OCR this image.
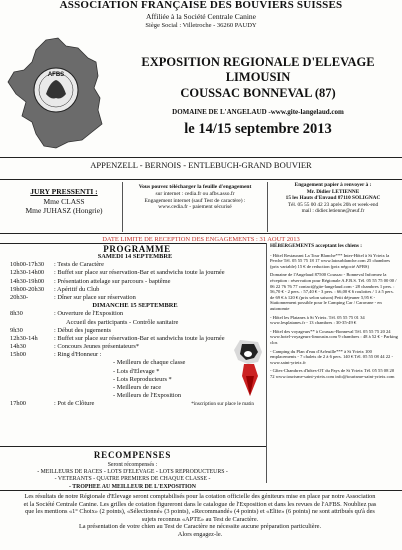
ASSOCIATION FRANÇAISE DES BOUVIERS SUISSES
Affiliée à la Société Centrale Canine
Siège Social : Villetroche - 36260 PAUDY
AFBS
EXPOSITION REGIONALE D'ELEVAGE
LIMOUSIN
COUSSAC BONNEVAL (87)
DOMAINE DE L'ANGELAUD -www.gite-langelaud.com
le 14/15 septembre 2013
APPENZELL - BERNOIS - ENTLEBUCH-GRAND BOUVIER
JURY PRESSENTI :
Mme CLASS
Mme JUHASZ (Hongrie)
Vous pouvez télécharger la feuille d'engagement
sur internet : cedia.fr ou afbs.asso.fr
Engagement internet (sauf Test de caractère) :
www.cedia.fr - paiement sécurisé
Engagement papier à renvoyer à :
Mr. Didier LETIENNE
15 les Hauts d'Envaud 87110 SOLIGNAC
Tél. 05 55 00 42 23 après 20h et week-end
mail : didier.letienne@neuf.fr
DATE LIMITE DE RECEPTION DES ENGAGEMENTS : 31 AOUT 2013
PROGRAMME
SAMEDI 14 SEPTEMBRE
10h00-17h30 : Tests de Caractère
12h30-14h00 : Buffet sur place sur réservation-Bar et sandwichs toute la journée
14h30-19h00 : Présentation attelage sur parcours - baptême
19h00-20h30 : Apéritif du Club
20h30-	: Dîner sur place sur réservation
DIMANCHE 15 SEPTEMBRE
8h30	: Ouverture de l'Exposition
Accueil des participants - Contrôle sanitaire
9h30	: Début des jugements
12h30-14h	: Buffet sur place sur réservation-Bar et sandwichs toute la journée
14h30	: Concours Jeunes présentateurs*
15h00	: Ring d'Honneur :
- Meilleurs de chaque classe
- Lots d'Elevage *
- Lots Reproducteurs *
- Meilleurs de race
- Meilleurs de l'Exposition
17h00	: Pot de Clôture	*inscription sur place le matin
HÉBERGEMENTS acceptant les chiens :
- Hôtel Restaurant La Tour Blanche*** Inter-Hôtel à St Yrieix la Perche Tél. 05 55 75 18 17 www.latourblanche.com 25 chambres (prix variable) 15 € de reduction (prix négocié AFBS)
Domaine de l'Angelaud 87500 Coussac - Bonneval Informez la réception : réservation pour Régionale A.F.B.S. Tél. 05 55 75 00 00 / 06 22 76 76 77 contact@gite-langelaud.com - 28 chambres 1 pers. : 56,70 € - 2 pers. : 57,40 € - 3 pers. : 66,00 € 6 roulottes / 1 à 5 pers. de 69 € à 120 € (prix selon saison) Petit déjeuner 5,95 € - Stationnement possible pour le Camping Car / Caravane - en autonomie
- Hôtel les Platanes à St Yrieix. Tél. 05 55 75 01 34 www.lesplatanes.fr - 13 chambres : 30-35-49 €
- Hôtel des voyageurs** à Coussac-Bonneval Tél. 05 55 75 20 24 www.hotel-voyageurs-limousin.com 9 chambres : 48 à 52 € - Parking clos
- Camping du Plan d'eau d'Arfeuille*** à St Yrieix 100 emplacements - 7 chalets de 2 à 6 pers. 140 € Tél. 05 55 08 44 22 - www.saint-yrieix.fr
- Gîtes-Chambres d'hôtes-OT du Pays de St Yrieix Tél. 05 55 08 20 72 www.tourisme-saint-yrieix.com info@tourisme-saint-yrieix.com
RECOMPENSES
Seront récompensés :
- MEILLEURS DE RACES - LOTS D'ELEVAGE - LOTS REPRODUCTEURS -
- VETERANTS - QUATRE PREMIERS DE CHAQUE CLASSE -
- TROPHEE AU MEILLEUR DE L'EXPOSITION
Les résultats de notre Régionale d'Elevage seront comptabilisés pour la cotation officielle des géniteurs mise en place par notre Association et la Société Centrale Canine. Les grilles de cotation figureront dans le catalogue de l'Exposition et dans les revues de l'AFBS. Noubliez pas que les mentions «1° Choix» (2 points), «Sélectionné» (3 points), «Recommandé» (4 points) et «Elite» (6 points) ne sont attribués qu'à des sujets reconnus «APTE» au Test de Caractère.
La présentation de votre chien au Test de Caractère ne nécessite aucune préparation particulière.
Alors engagez-le.
